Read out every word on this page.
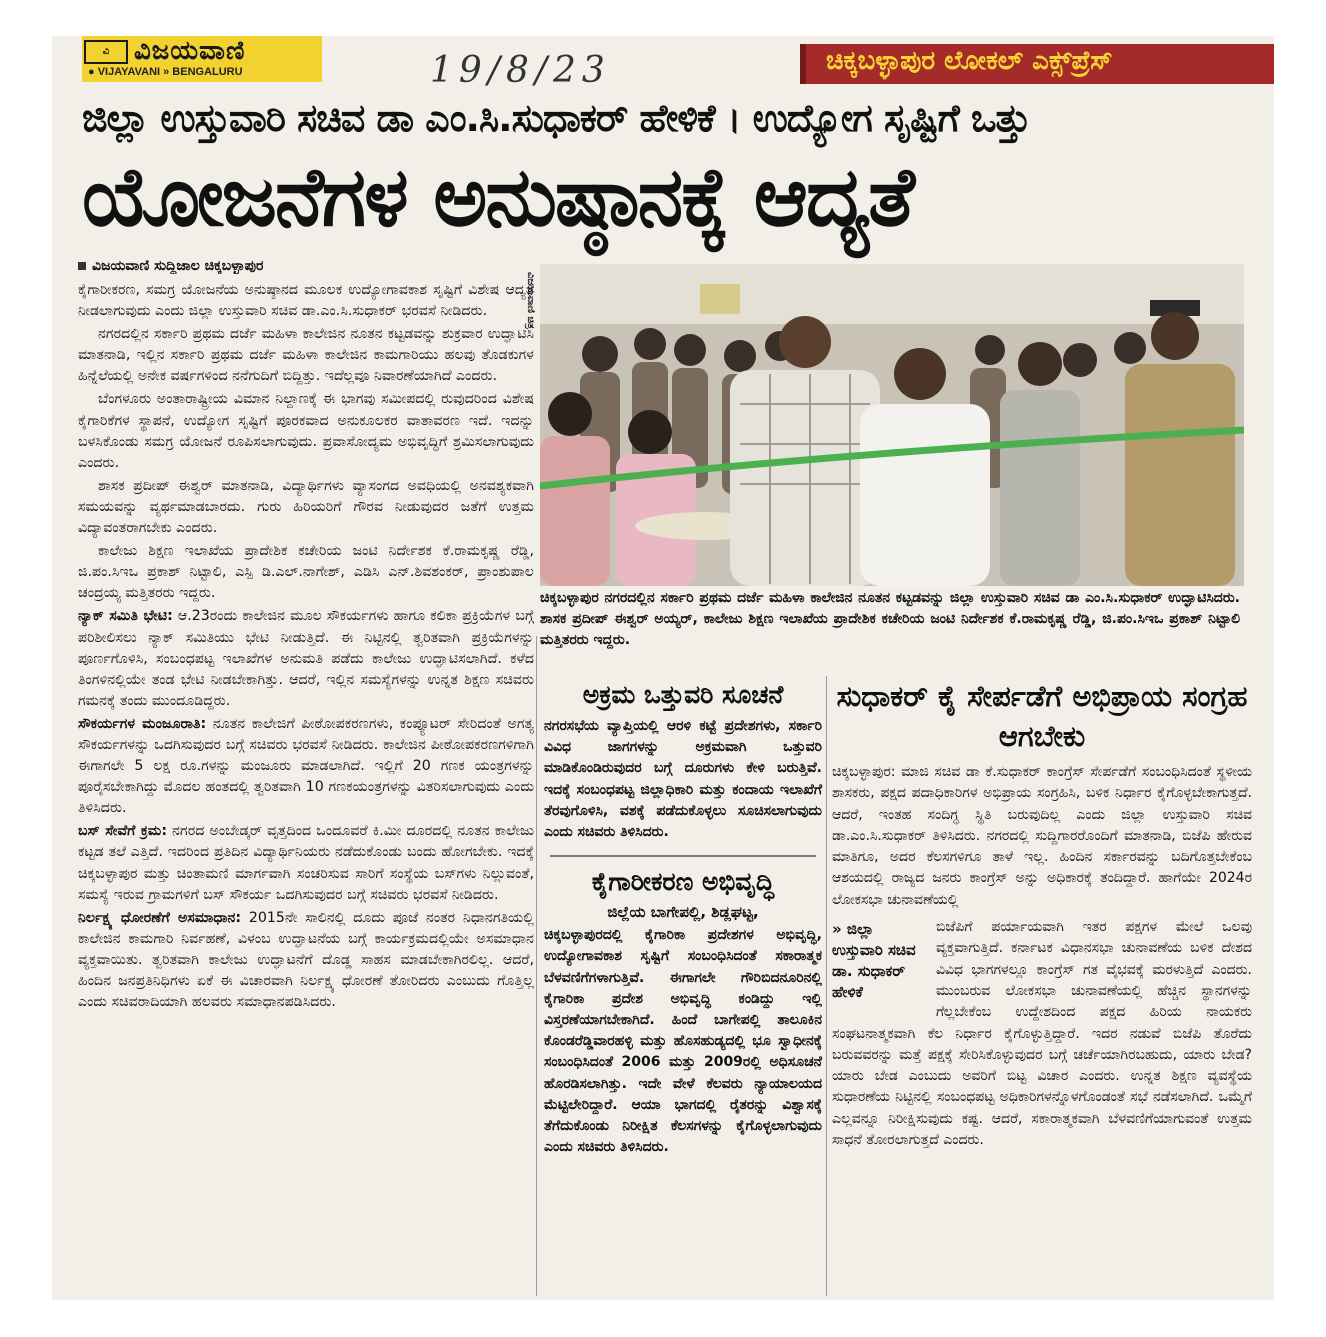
ವಿ ವಿಜಯವಾಣಿ
● VIJAYAVANI » BENGALURU	19/8/23	ಚಿಕ್ಕಬಳ್ಳಾಪುರ ಲೋಕಲ್ ಎಕ್ಸ್‌ಪ್ರೆಸ್
ಜಿಲ್ಲಾ ಉಸ್ತುವಾರಿ ಸಚಿವ ಡಾ ಎಂ.ಸಿ.ಸುಧಾಕರ್ ಹೇಳಿಕೆ । ಉದ್ಯೋಗ ಸೃಷ್ಟಿಗೆ ಒತ್ತು
ಯೋಜನೆಗಳ ಅನುಷ್ಠಾನಕ್ಕೆ ಆದ್ಯತೆ
ವಿಜಯವಾಣಿ ಸುದ್ದಿಜಾಲ ಚಿಕ್ಕಬಳ್ಳಾಪುರ

ಕೈಗಾರೀಕರಣ, ಸಮಗ್ರ ಯೋಜನೆಯ ಅನುಷ್ಠಾನದ ಮೂಲಕ ಉದ್ಯೋಗಾವಕಾಶ ಸೃಷ್ಟಿಗೆ ವಿಶೇಷ ಆದ್ಯತೆ ನೀಡಲಾಗುವುದು ಎಂದು ಜಿಲ್ಲಾ ಉಸ್ತುವಾರಿ ಸಚಿವ ಡಾ.ಎಂ.ಸಿ.ಸುಧಾಕರ್ ಭರವಸೆ ನೀಡಿದರು.

ನಗರದಲ್ಲಿನ ಸರ್ಕಾರಿ ಪ್ರಥಮ ದರ್ಜೆ ಮಹಿಳಾ ಕಾಲೇಜಿನ ನೂತನ ಕಟ್ಟಡವನ್ನು ಶುಕ್ರವಾರ ಉದ್ಘಾಟಿಸಿ ಮಾತನಾಡಿ, ಇಲ್ಲಿನ ಸರ್ಕಾರಿ ಪ್ರಥಮ ದರ್ಜೆ ಮಹಿಳಾ ಕಾಲೇಜಿನ ಕಾಮಗಾರಿಯು ಹಲವು ತೊಡಕುಗಳ ಹಿನ್ನೆಲೆಯಲ್ಲಿ ಅನೇಕ ವರ್ಷಗಳಿಂದ ನನೆಗುದಿಗೆ ಬಿದ್ದಿತ್ತು. ಇದೆಲ್ಲವೂ ನಿವಾರಣೆಯಾಗಿದೆ ಎಂದರು.

ಬೆಂಗಳೂರು ಅಂತಾರಾಷ್ಟ್ರೀಯ ವಿಮಾನ ನಿಲ್ದಾಣಕ್ಕೆ ಈ ಭಾಗವು ಸಮೀಪದಲ್ಲಿ ರುವುದರಿಂದ ವಿಶೇಷ ಕೈಗಾರಿಕೆಗಳ ಸ್ಥಾಪನೆ, ಉದ್ಯೋಗ ಸೃಷ್ಟಿಗೆ ಪೂರಕವಾದ ಅನುಕೂಲಕರ ವಾತಾವರಣ ಇದೆ. ಇದನ್ನು ಬಳಸಿಕೊಂಡು ಸಮಗ್ರ ಯೋಜನೆ ರೂಪಿಸಲಾಗುವುದು. ಪ್ರವಾಸೋದ್ಯಮ ಅಭಿವೃದ್ಧಿಗೆ ಶ್ರಮಿಸಲಾಗುವುದು ಎಂದರು.

ಶಾಸಕ ಪ್ರದೀಪ್ ಈಶ್ವರ್ ಮಾತನಾಡಿ, ವಿದ್ಯಾರ್ಥಿಗಳು ವ್ಯಾಸಂಗದ ಅವಧಿಯಲ್ಲಿ ಅನವಶ್ಯಕವಾಗಿ ಸಮಯವನ್ನು ವ್ಯರ್ಥಮಾಡಬಾರದು. ಗುರು ಹಿರಿಯರಿಗೆ ಗೌರವ ನೀಡುವುದರ ಜತೆಗೆ ಉತ್ತಮ ವಿದ್ಯಾವಂತರಾಗಬೇಕು ಎಂದರು.

ಕಾಲೇಜು ಶಿಕ್ಷಣ ಇಲಾಖೆಯ ಪ್ರಾದೇಶಿಕ ಕಚೇರಿಯ ಜಂಟಿ ನಿರ್ದೇಶಕ ಕೆ.ರಾಮಕೃಷ್ಣ ರೆಡ್ಡಿ, ಜಿ.ಪಂ.ಸಿಇಒ ಪ್ರಕಾಶ್ ನಿಟ್ಟಾಲಿ, ಎಸ್ಪಿ ಡಿ.ಎಲ್.ನಾಗೇಶ್, ಎಡಿಸಿ ಎನ್.ಶಿವಶಂಕರ್, ಪ್ರಾಂಶುಪಾಲ ಚಂದ್ರಯ್ಯ ಮತ್ತಿತರರು ಇದ್ದರು.

ನ್ಯಾಕ್ ಸಮಿತಿ ಭೇಟಿ: ಆ.23ರಂದು ಕಾಲೇಜಿನ ಮೂಲ ಸೌಕರ್ಯಗಳು ಹಾಗೂ ಕಲಿಕಾ ಪ್ರಕ್ರಿಯೆಗಳ ಬಗ್ಗೆ ಪರಿಶೀಲಿಸಲು ನ್ಯಾಕ್ ಸಮಿತಿಯು ಭೇಟಿ ನೀಡುತ್ತಿದೆ. ಈ ನಿಟ್ಟಿನಲ್ಲಿ ತ್ವರಿತವಾಗಿ ಪ್ರಕ್ರಿಯೆಗಳನ್ನು ಪೂರ್ಣಗೊಳಿಸಿ, ಸಂಬಂಧಪಟ್ಟ ಇಲಾಖೆಗಳ ಅನುಮತಿ ಪಡೆದು ಕಾಲೇಜು ಉದ್ಘಾಟಿಸಲಾಗಿದೆ. ಕಳೆದ ತಿಂಗಳಿನಲ್ಲಿಯೇ ತಂಡ ಭೇಟಿ ನೀಡಬೇಕಾಗಿತ್ತು. ಆದರೆ, ಇಲ್ಲಿನ ಸಮಸ್ಯೆಗಳನ್ನು ಉನ್ನತ ಶಿಕ್ಷಣ ಸಚಿವರು ಗಮನಕ್ಕೆ ತಂದು ಮುಂದೂಡಿದ್ದರು.

ಸೌಕರ್ಯಗಳ ಮಂಜೂರಾತಿ: ನೂತನ ಕಾಲೇಜಿಗೆ ಪೀಠೋಪಕರಣಗಳು, ಕಂಪ್ಯೂಟರ್ ಸೇರಿದಂತೆ ಅಗತ್ಯ ಸೌಕರ್ಯಗಳನ್ನು ಒದಗಿಸುವುದರ ಬಗ್ಗೆ ಸಚಿವರು ಭರವಸೆ ನೀಡಿದರು. ಕಾಲೇಜಿನ ಪೀಠೋಪಕರಣಗಳಿಗಾಗಿ ಈಗಾಗಲೇ 5 ಲಕ್ಷ ರೂ.ಗಳನ್ನು ಮಂಜೂರು ಮಾಡಲಾಗಿದೆ. ಇಲ್ಲಿಗೆ 20 ಗಣಕ ಯಂತ್ರಗಳನ್ನು ಪೂರೈಸಬೇಕಾಗಿದ್ದು ಮೊದಲ ಹಂತದಲ್ಲಿ ತ್ವರಿತವಾಗಿ 10 ಗಣಕಯಂತ್ರಗಳನ್ನು ವಿತರಿಸಲಾಗುವುದು ಎಂದು ತಿಳಿಸಿದರು.

ಬಸ್ ಸೇವೆಗೆ ಕ್ರಮ: ನಗರದ ಅಂಬೇಡ್ಕರ್ ವೃತ್ತದಿಂದ ಒಂದೂವರೆ ಕಿ.ಮೀ ದೂರದಲ್ಲಿ ನೂತನ ಕಾಲೇಜು ಕಟ್ಟಡ ತಲೆ ಎತ್ತಿದೆ. ಇದರಿಂದ ಪ್ರತಿದಿನ ವಿದ್ಯಾರ್ಥಿನಿಯರು ನಡೆದುಕೊಂಡು ಬಂದು ಹೋಗಬೇಕು. ಇದಕ್ಕೆ ಚಿಕ್ಕಬಳ್ಳಾಪುರ ಮತ್ತು ಚಿಂತಾಮಣಿ ಮಾರ್ಗವಾಗಿ ಸಂಚರಿಸುವ ಸಾರಿಗೆ ಸಂಸ್ಥೆಯ ಬಸ್‌ಗಳು ನಿಲ್ಲುವಂತೆ, ಸಮಸ್ಯೆ ಇರುವ ಗ್ರಾಮಗಳಿಗೆ ಬಸ್ ಸೌಕರ್ಯ ಒದಗಿಸುವುದರ ಬಗ್ಗೆ ಸಚಿವರು ಭರವಸೆ ನೀಡಿದರು.

ನಿರ್ಲಕ್ಷ್ಯ ಧೋರಣೆಗೆ ಅಸಮಾಧಾನ: 2015ನೇ ಸಾಲಿನಲ್ಲಿ ದೂದು ಪೂಜೆ ನಂತರ ನಿಧಾನಗತಿಯಲ್ಲಿ ಕಾಲೇಜಿನ ಕಾಮಗಾರಿ ನಿರ್ವಹಣೆ, ವಿಳಂಬ ಉದ್ಘಾಟನೆಯ ಬಗ್ಗೆ ಕಾರ್ಯಕ್ರಮದಲ್ಲಿಯೇ ಅಸಮಾಧಾನ ವ್ಯಕ್ತವಾಯಿತು. ತ್ವರಿತವಾಗಿ ಕಾಲೇಜು ಉದ್ಘಾಟನೆಗೆ ದೊಡ್ಡ ಸಾಹಸ ಮಾಡಬೇಕಾಗಿರಲಿಲ್ಲ. ಆದರೆ, ಹಿಂದಿನ ಜನಪ್ರತಿನಿಧಿಗಳು ಏಕೆ ಈ ವಿಚಾರವಾಗಿ ನಿರ್ಲಕ್ಷ್ಯ ಧೋರಣೆ ತೋರಿದರು ಎಂಬುದು ಗೊತ್ತಿಲ್ಲ ಎಂದು ಸಚಿವರಾದಿಯಾಗಿ ಹಲವರು ಸಮಾಧಾನಪಡಿಸಿದರು.

ವಿಜಯವಾಣಿ ಚಿತ್ರ
ಚಿಕ್ಕಬಳ್ಳಾಪುರ ನಗರದಲ್ಲಿನ ಸರ್ಕಾರಿ ಪ್ರಥಮ ದರ್ಜೆ ಮಹಿಳಾ ಕಾಲೇಜಿನ ನೂತನ ಕಟ್ಟಡವನ್ನು ಜಿಲ್ಲಾ ಉಸ್ತುವಾರಿ ಸಚಿವ ಡಾ ಎಂ.ಸಿ.ಸುಧಾಕರ್ ಉದ್ಘಾಟಿಸಿದರು. ಶಾಸಕ ಪ್ರದೀಪ್ ಈಶ್ವರ್ ಅಯ್ಯರ್, ಕಾಲೇಜು ಶಿಕ್ಷಣ ಇಲಾಖೆಯ ಪ್ರಾದೇಶಿಕ ಕಚೇರಿಯ ಜಂಟಿ ನಿರ್ದೇಶಕ ಕೆ.ರಾಮಕೃಷ್ಣ ರೆಡ್ಡಿ, ಜಿ.ಪಂ.ಸಿಇಒ ಪ್ರಕಾಶ್ ನಿಟ್ಟಾಲಿ ಮತ್ತಿತರರು ಇದ್ದರು.
ಅಕ್ರಮ ಒತ್ತುವರಿ ಸೂಚನೆ

ನಗರಸಭೆಯ ವ್ಯಾಪ್ತಿಯಲ್ಲಿ ಆರಳಿ ಕಟ್ಟೆ ಪ್ರದೇಶಗಳು, ಸರ್ಕಾರಿ ವಿವಿಧ ಜಾಗಗಳನ್ನು ಅಕ್ರಮವಾಗಿ ಒತ್ತುವರಿ ಮಾಡಿಕೊಂಡಿರುವುದರ ಬಗ್ಗೆ ದೂರುಗಳು ಕೇಳಿ ಬರುತ್ತಿವೆ. ಇದಕ್ಕೆ ಸಂಬಂಧಪಟ್ಟ ಜಿಲ್ಲಾಧಿಕಾರಿ ಮತ್ತು ಕಂದಾಯ ಇಲಾಖೆಗೆ ತೆರವುಗೊಳಿಸಿ, ವಶಕ್ಕೆ ಪಡೆದುಕೊಳ್ಳಲು ಸೂಚಿಸಲಾಗುವುದು ಎಂದು ಸಚಿವರು ತಿಳಿಸಿದರು.

ಕೈಗಾರೀಕರಣ ಅಭಿವೃದ್ಧಿ
ಜಿಲ್ಲೆಯ ಬಾಗೇಪಲ್ಲಿ, ಶಿಡ್ಲಘಟ್ಟ,

ಚಿಕ್ಕಬಳ್ಳಾಪುರದಲ್ಲಿ ಕೈಗಾರಿಕಾ ಪ್ರದೇಶಗಳ ಅಭಿವೃದ್ಧಿ, ಉದ್ಯೋಗಾವಕಾಶ ಸೃಷ್ಟಿಗೆ ಸಂಬಂಧಿಸಿದಂತೆ ಸಕಾರಾತ್ಮಕ ಬೆಳವಣಿಗೆಗಳಾಗುತ್ತಿವೆ. ಈಗಾಗಲೇ ಗೌರಿಬಿದನೂರಿನಲ್ಲಿ ಕೈಗಾರಿಕಾ ಪ್ರದೇಶ ಅಭಿವೃದ್ಧಿ ಕಂಡಿದ್ದು ಇಲ್ಲಿ ವಿಸ್ತರಣೆಯಾಗಬೇಕಾಗಿದೆ. ಹಿಂದೆ ಬಾಗೇಪಲ್ಲಿ ತಾಲೂಕಿನ ಕೊಂಡರೆಡ್ಡಿವಾರಹಳ್ಳಿ ಮತ್ತು ಹೊಸಹುಡ್ಯದಲ್ಲಿ ಭೂ ಸ್ವಾಧೀನಕ್ಕೆ ಸಂಬಂಧಿಸಿದಂತೆ 2006 ಮತ್ತು 2009ರಲ್ಲಿ ಅಧಿಸೂಚನೆ ಹೊರಡಿಸಲಾಗಿತ್ತು. ಇದೇ ವೇಳೆ ಕೆಲವರು ನ್ಯಾಯಾಲಯದ ಮೆಟ್ಟಿಲೇರಿದ್ದಾರೆ. ಆಯಾ ಭಾಗದಲ್ಲಿ ರೈತರನ್ನು ವಿಶ್ವಾಸಕ್ಕೆ ತೆಗೆದುಕೊಂಡು ನಿರೀಕ್ಷಿತ ಕೆಲಸಗಳನ್ನು ಕೈಗೊಳ್ಳಲಾಗುವುದು ಎಂದು ಸಚಿವರು ತಿಳಿಸಿದರು.

ಸುಧಾಕರ್ ಕೈ ಸೇರ್ಪಡೆಗೆ ಅಭಿಪ್ರಾಯ ಸಂಗ್ರಹ ಆಗಬೇಕು

ಚಿಕ್ಕಬಳ್ಳಾಪುರ: ಮಾಜಿ ಸಚಿವ ಡಾ ಕೆ.ಸುಧಾಕರ್ ಕಾಂಗ್ರೆಸ್ ಸೇರ್ಪಡೆಗೆ ಸಂಬಂಧಿಸಿದಂತೆ ಸ್ಥಳೀಯ ಶಾಸಕರು, ಪಕ್ಷದ ಪದಾಧಿಕಾರಿಗಳ ಅಭಿಪ್ರಾಯ ಸಂಗ್ರಹಿಸಿ, ಬಳಿಕ ನಿರ್ಧಾರ ಕೈಗೊಳ್ಳಬೇಕಾಗುತ್ತದೆ. ಆದರೆ, ಇಂತಹ ಸಂದಿಗ್ಧ ಸ್ಥಿತಿ ಬರುವುದಿಲ್ಲ ಎಂದು ಜಿಲ್ಲಾ ಉಸ್ತುವಾರಿ ಸಚಿವ ಡಾ.ಎಂ.ಸಿ.ಸುಧಾಕರ್ ತಿಳಿಸಿದರು. ನಗರದಲ್ಲಿ ಸುದ್ದಿಗಾರರೊಂದಿಗೆ ಮಾತನಾಡಿ, ಬಿಜೆಪಿ ಹೇರುವ ಮಾತಿಗೂ, ಅದರ ಕೆಲಸಗಳಿಗೂ ತಾಳೆ ಇಲ್ಲ. ಹಿಂದಿನ ಸರ್ಕಾರವನ್ನು ಬದಿಗೊತ್ತಬೇಕೆಂಬ ಆಶಯದಲ್ಲಿ ರಾಜ್ಯದ ಜನರು ಕಾಂಗ್ರೆಸ್ ಅನ್ನು ಅಧಿಕಾರಕ್ಕೆ ತಂದಿದ್ದಾರೆ. ಹಾಗೆಯೇ 2024ರ ಲೋಕಸಭಾ ಚುನಾವಣೆಯಲ್ಲಿ

» ಜಿಲ್ಲಾ ಉಸ್ತುವಾರಿ ಸಚಿವ ಡಾ. ಸುಧಾಕರ್ ಹೇಳಿಕೆ

ಬಿಜೆಪಿಗೆ ಪರ್ಯಾಯವಾಗಿ ಇತರ ಪಕ್ಷಗಳ ಮೇಲೆ ಒಲವು ವ್ಯಕ್ತವಾಗುತ್ತಿದೆ. ಕರ್ನಾಟಕ ವಿಧಾನಸಭಾ ಚುನಾವಣೆಯ ಬಳಿಕ ದೇಶದ ವಿವಿಧ ಭಾಗಗಳಲ್ಲೂ ಕಾಂಗ್ರೆಸ್ ಗತ ವೈಭವಕ್ಕೆ ಮರಳುತ್ತಿದೆ ಎಂದರು. ಮುಂಬರುವ ಲೋಕಸಭಾ ಚುನಾವಣೆಯಲ್ಲಿ ಹೆಚ್ಚಿನ ಸ್ಥಾನಗಳನ್ನು ಗೆಲ್ಲಬೇಕೆಂಬ ಉದ್ದೇಶದಿಂದ ಪಕ್ಷದ ಹಿರಿಯ ನಾಯಕರು ಸಂಘಟನಾತ್ಮಕವಾಗಿ ಕೆಲ ನಿರ್ಧಾರ ಕೈಗೊಳ್ಳುತ್ತಿದ್ದಾರೆ. ಇದರ ನಡುವೆ ಬಿಜೆಪಿ ತೊರೆದು ಬರುವವರನ್ನು ಮತ್ತೆ ಪಕ್ಷಕ್ಕೆ ಸೇರಿಸಿಕೊಳ್ಳುವುದರ ಬಗ್ಗೆ ಚರ್ಚೆಯಾಗಿರಬಹುದು, ಯಾರು ಬೇಡ? ಯಾರು ಬೇಡ ಎಂಬುದು ಅವರಿಗೆ ಬಿಟ್ಟ ವಿಚಾರ ಎಂದರು. ಉನ್ನತ ಶಿಕ್ಷಣ ವ್ಯವಸ್ಥೆಯ ಸುಧಾರಣೆಯ ನಿಟ್ಟಿನಲ್ಲಿ ಸಂಬಂಧಪಟ್ಟ ಅಧಿಕಾರಿಗಳನ್ನೊಳಗೊಂಡಂತೆ ಸಭೆ ನಡೆಸಲಾಗಿದೆ. ಒಮ್ಮೆಗೆ ಎಲ್ಲವನ್ನೂ ನಿರೀಕ್ಷಿಸುವುದು ಕಷ್ಟ. ಆದರೆ, ಸಕಾರಾತ್ಮಕವಾಗಿ ಬೆಳವಣಿಗೆಯಾಗುವಂತೆ ಉತ್ತಮ ಸಾಧನೆ ತೋರಲಾಗುತ್ತದೆ ಎಂದರು.
